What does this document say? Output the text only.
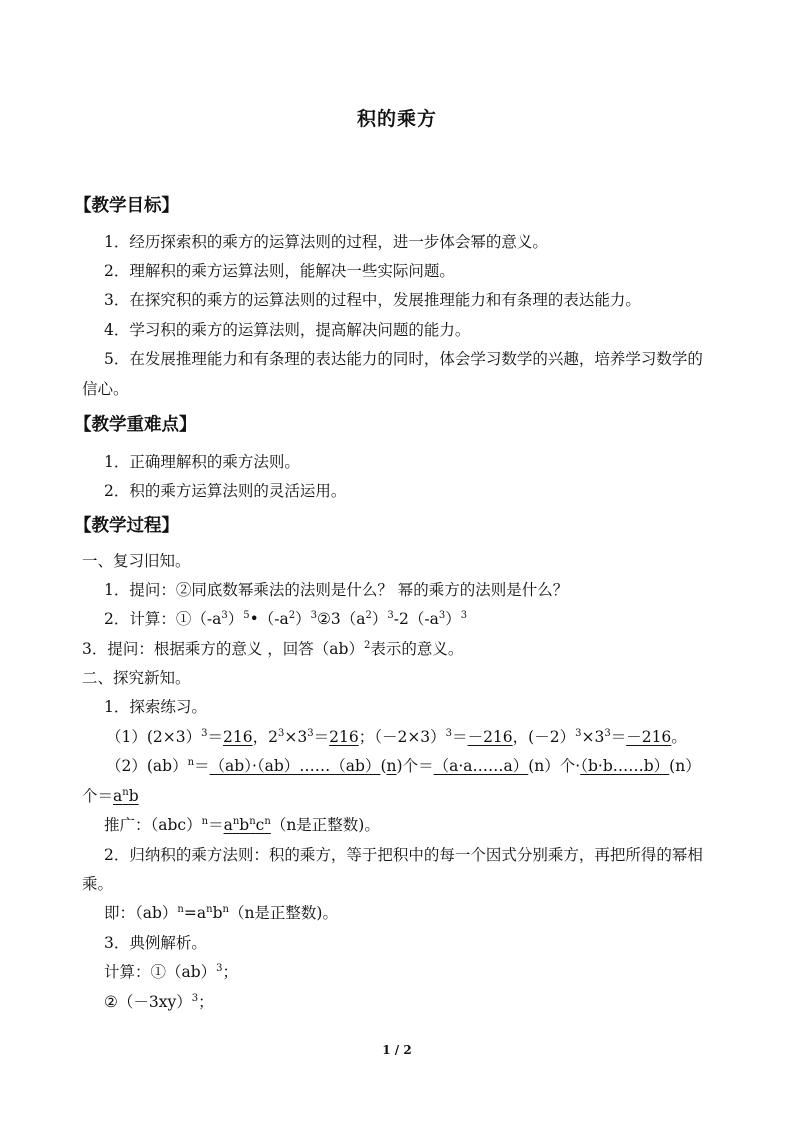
积的乘方
【教学目标】
1．经历探索积的乘方的运算法则的过程，进一步体会幂的意义。
2．理解积的乘方运算法则，能解决一些实际问题。
3．在探究积的乘方的运算法则的过程中，发展推理能力和有条理的表达能力。
4．学习积的乘方的运算法则，提高解决问题的能力。
5．在发展推理能力和有条理的表达能力的同时，体会学习数学的兴趣，培养学习数学的
信心。
【教学重难点】
1．正确理解积的乘方法则。
2．积的乘方运算法则的灵活运用。
【教学过程】
一、复习旧知。
1．提问：②同底数幂乘法的法则是什么？ 幂的乘方的法则是什么？
2．计算：$①(-a^3)^5•(-a^2)^3②3(a^2)^3-2(-a^3)^3$
3．提问：根据乘方的意义 ，回答（ab）$^2$表示的意义。
二、探究新知。
1．探索练习。
（1）(2×3）$^3$＝216，$2^3\times 3^3=216$；$(-2\times 3)^3=-216$，$(-2)^3\times 3^3=-216$。
（2）(ab）$^n$＝（ab）·（ab）……（ab）(n)个＝（a·a……a）(n）个·（b·b……b）(n）
个$=a^nb$
推广：$(abc)^n=a^nb^nc^n(n$是正整数)。
2．归纳积的乘方法则：积的乘方，等于把积中的每一个因式分别乘方，再把所得的幂相
乘。
即：$(ab)^n=a^nb^n(n$是正整数)。
3．典例解析。
计算：①（ab）$^3$；
$②(-3xy)^3$；
1 / 2
